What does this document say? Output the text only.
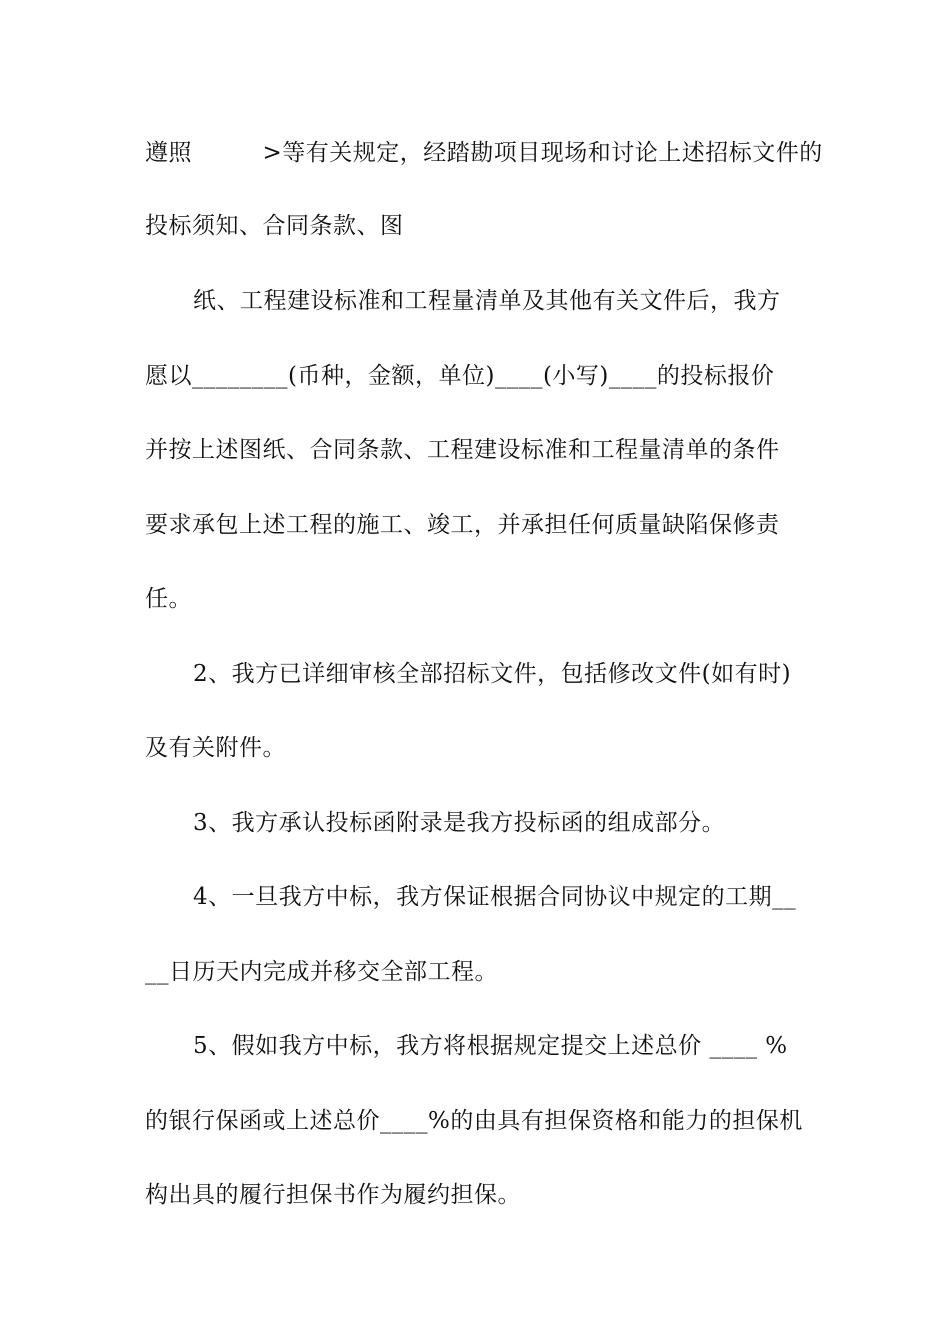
遵照　　　>等有关规定，经踏勘项目现场和讨论上述招标文件的
投标须知、合同条款、图
纸、工程建设标准和工程量清单及其他有关文件后，我方
愿以________(币种，金额，单位)____(小写)____的投标报价
并按上述图纸、合同条款、工程建设标准和工程量清单的条件
要求承包上述工程的施工、竣工，并承担任何质量缺陷保修责
任。
2、我方已详细审核全部招标文件，包括修改文件(如有时)
及有关附件。
3、我方承认投标函附录是我方投标函的组成部分。
4、一旦我方中标，我方保证根据合同协议中规定的工期__
__日历天内完成并移交全部工程。
5、假如我方中标，我方将根据规定提交上述总价 ____ %
的银行保函或上述总价____%的由具有担保资格和能力的担保机
构出具的履行担保书作为履约担保。
